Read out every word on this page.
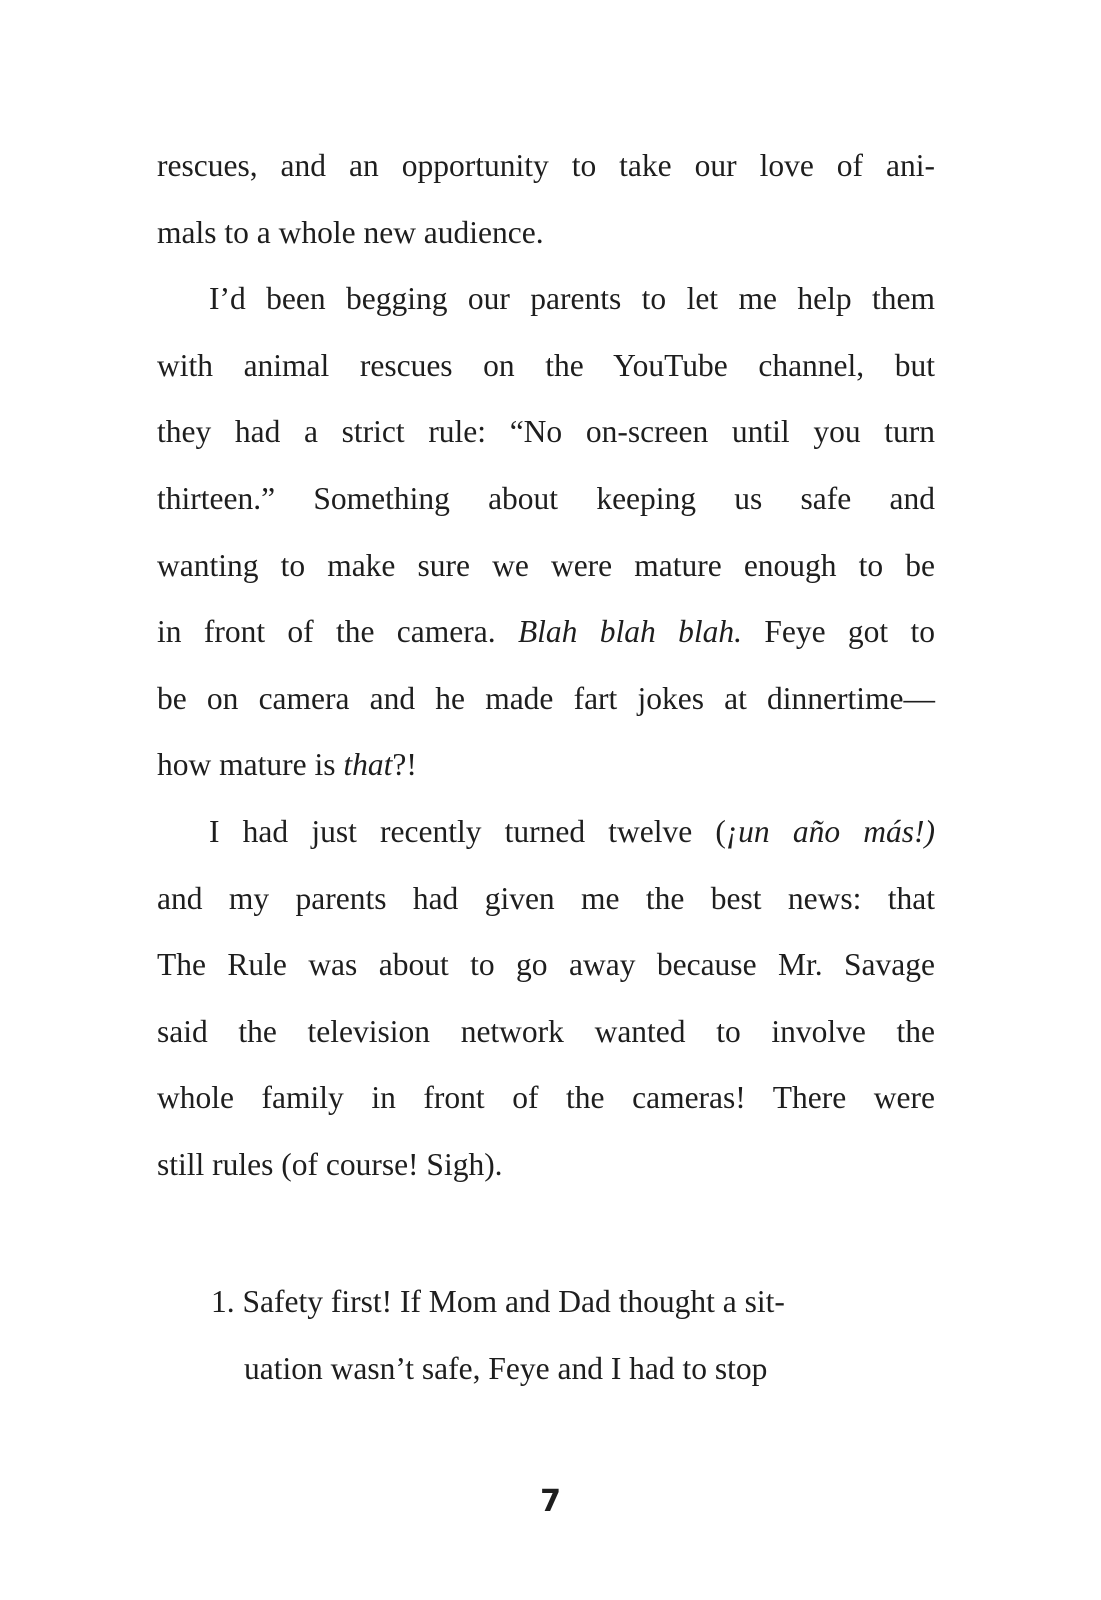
rescues, and an opportunity to take our love of ani-
mals to a whole new audience.
I’d been begging our parents to let me help them
with animal rescues on the YouTube channel, but
they had a strict rule: “No on-screen until you turn
thirteen.” Something about keeping us safe and
wanting to make sure we were mature enough to be
in front of the camera. Blah blah blah. Feye got to
be on camera and he made fart jokes at dinnertime—
how mature is that?!
I had just recently turned twelve (¡un año más!)
and my parents had given me the best news: that
The Rule was about to go away because Mr. Savage
said the television network wanted to involve the
whole family in front of the cameras! There were
still rules (of course! Sigh).
1. Safety first! If Mom and Dad thought a sit-
uation wasn’t safe, Feye and I had to stop
7
